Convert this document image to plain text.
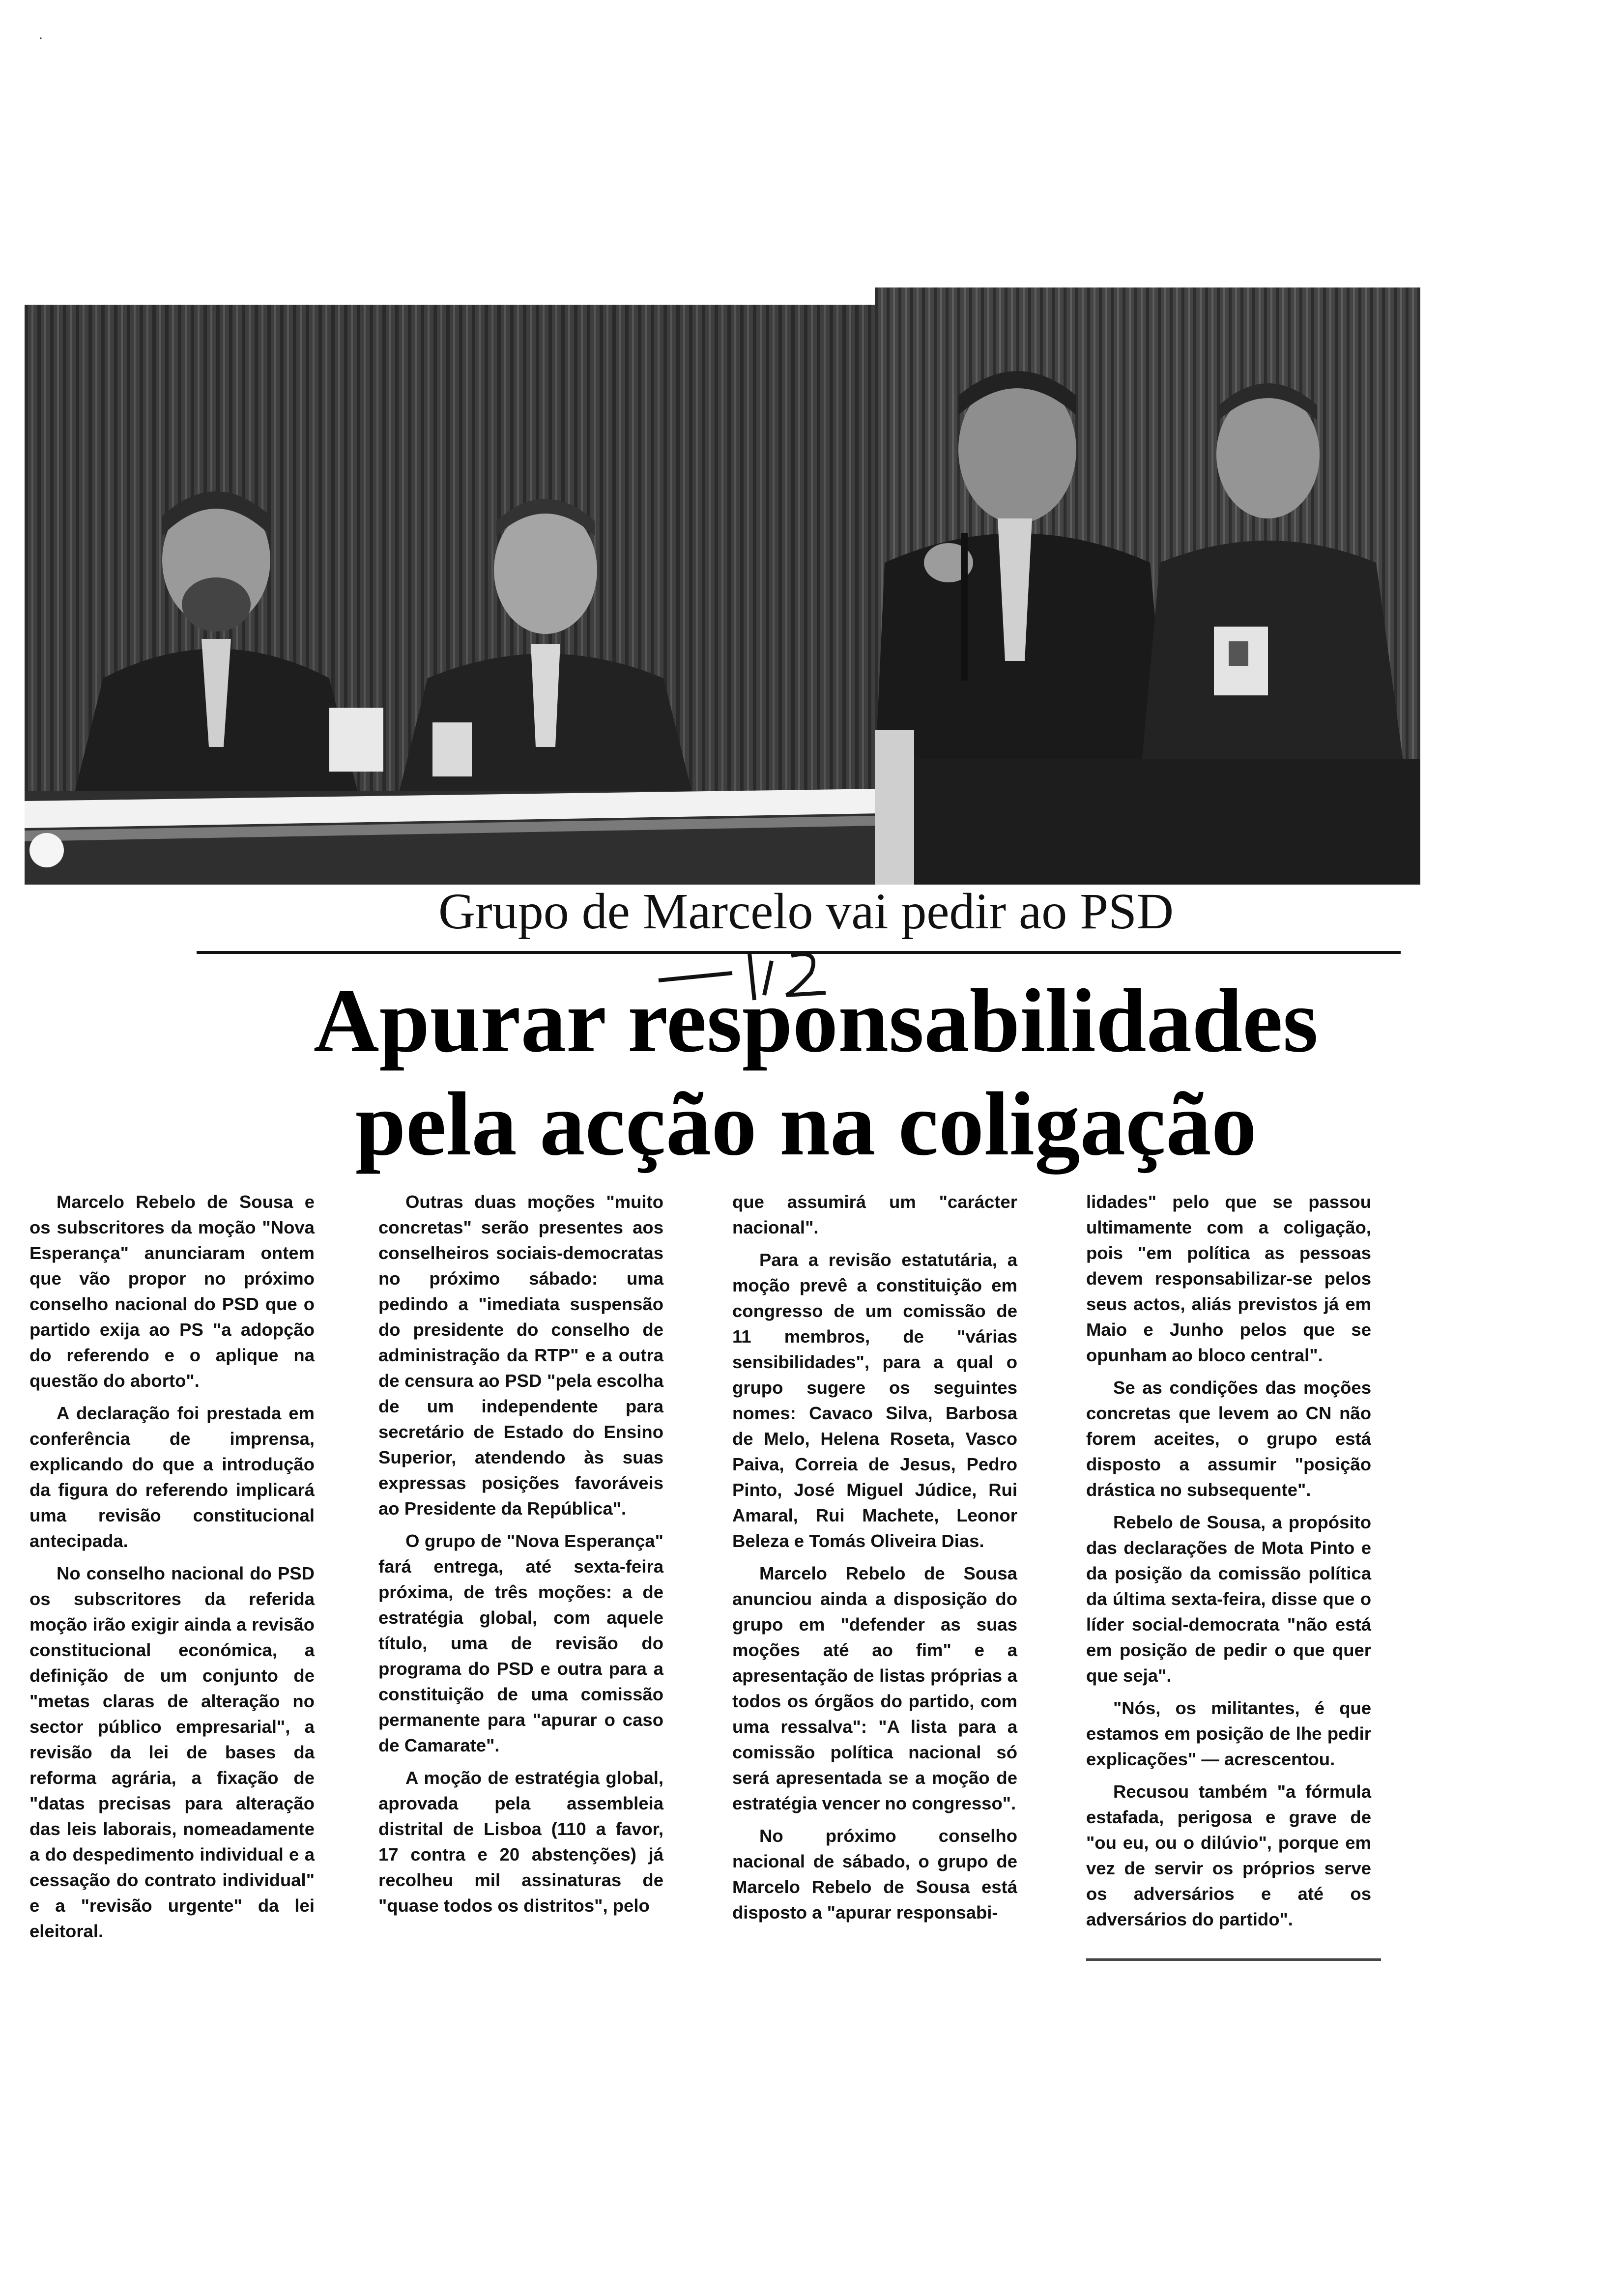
·
Grupo de Marcelo vai pedir ao PSD
Apurar responsabilidades
pela acção na coligação

Marcelo Rebelo de Sousa e os subscritores da moção "Nova Esperança" anunciaram ontem que vão propor no próximo conselho nacional do PSD que o partido exija ao PS "a adopção do referendo e o aplique na questão do aborto".

A declaração foi prestada em conferência de imprensa, explicando do que a introdução da figura do referendo implicará uma revisão constitucional antecipada.

No conselho nacional do PSD os subscritores da referida moção irão exigir ainda a revisão constitucional económica, a definição de um conjunto de "metas claras de alteração no sector público empresarial", a revisão da lei de bases da reforma agrária, a fixação de "datas precisas para alteração das leis laborais, nomeadamente a do despedimento individual e a cessação do contrato individual" e a "revisão urgente" da lei eleitoral.

Outras duas moções "muito concretas" serão presentes aos conselheiros sociais-democratas no próximo sábado: uma pedindo a "imediata suspensão do presidente do conselho de administração da RTP" e a outra de censura ao PSD "pela escolha de um independente para secretário de Estado do Ensino Superior, atendendo às suas expressas posições favoráveis ao Presidente da República".

O grupo de "Nova Esperança" fará entrega, até sexta-feira próxima, de três moções: a de estratégia global, com aquele título, uma de revisão do programa do PSD e outra para a constituição de uma comissão permanente para "apurar o caso de Camarate".

A moção de estratégia global, aprovada pela assembleia distrital de Lisboa (110 a favor, 17 contra e 20 abstenções) já recolheu mil assinaturas de "quase todos os distritos", pelo

que assumirá um "carácter nacional".

Para a revisão estatutária, a moção prevê a constituição em congresso de um comissão de 11 membros, de "várias sensibilidades", para a qual o grupo sugere os seguintes nomes: Cavaco Silva, Barbosa de Melo, Helena Roseta, Vasco Paiva, Correia de Jesus, Pedro Pinto, José Miguel Júdice, Rui Amaral, Rui Machete, Leonor Beleza e Tomás Oliveira Dias.

Marcelo Rebelo de Sousa anunciou ainda a disposição do grupo em "defender as suas moções até ao fim" e a apresentação de listas próprias a todos os órgãos do partido, com uma ressalva": "A lista para a comissão política nacional só será apresentada se a moção de estratégia vencer no congresso".

No próximo conselho nacional de sábado, o grupo de Marcelo Rebelo de Sousa está disposto a "apurar responsabi-

lidades" pelo que se passou ultimamente com a coligação, pois "em política as pessoas devem responsabilizar-se pelos seus actos, aliás previstos já em Maio e Junho pelos que se opunham ao bloco central".

Se as condições das moções concretas que levem ao CN não forem aceites, o grupo está disposto a assumir "posição drástica no subsequente".

Rebelo de Sousa, a propósito das declarações de Mota Pinto e da posição da comissão política da última sexta-feira, disse que o líder social-democrata "não está em posição de pedir o que quer que seja".

"Nós, os militantes, é que estamos em posição de lhe pedir explicações" — acrescentou.

Recusou também "a fórmula estafada, perigosa e grave de "ou eu, ou o dilúvio", porque em vez de servir os próprios serve os adversários e até os adversários do partido".
